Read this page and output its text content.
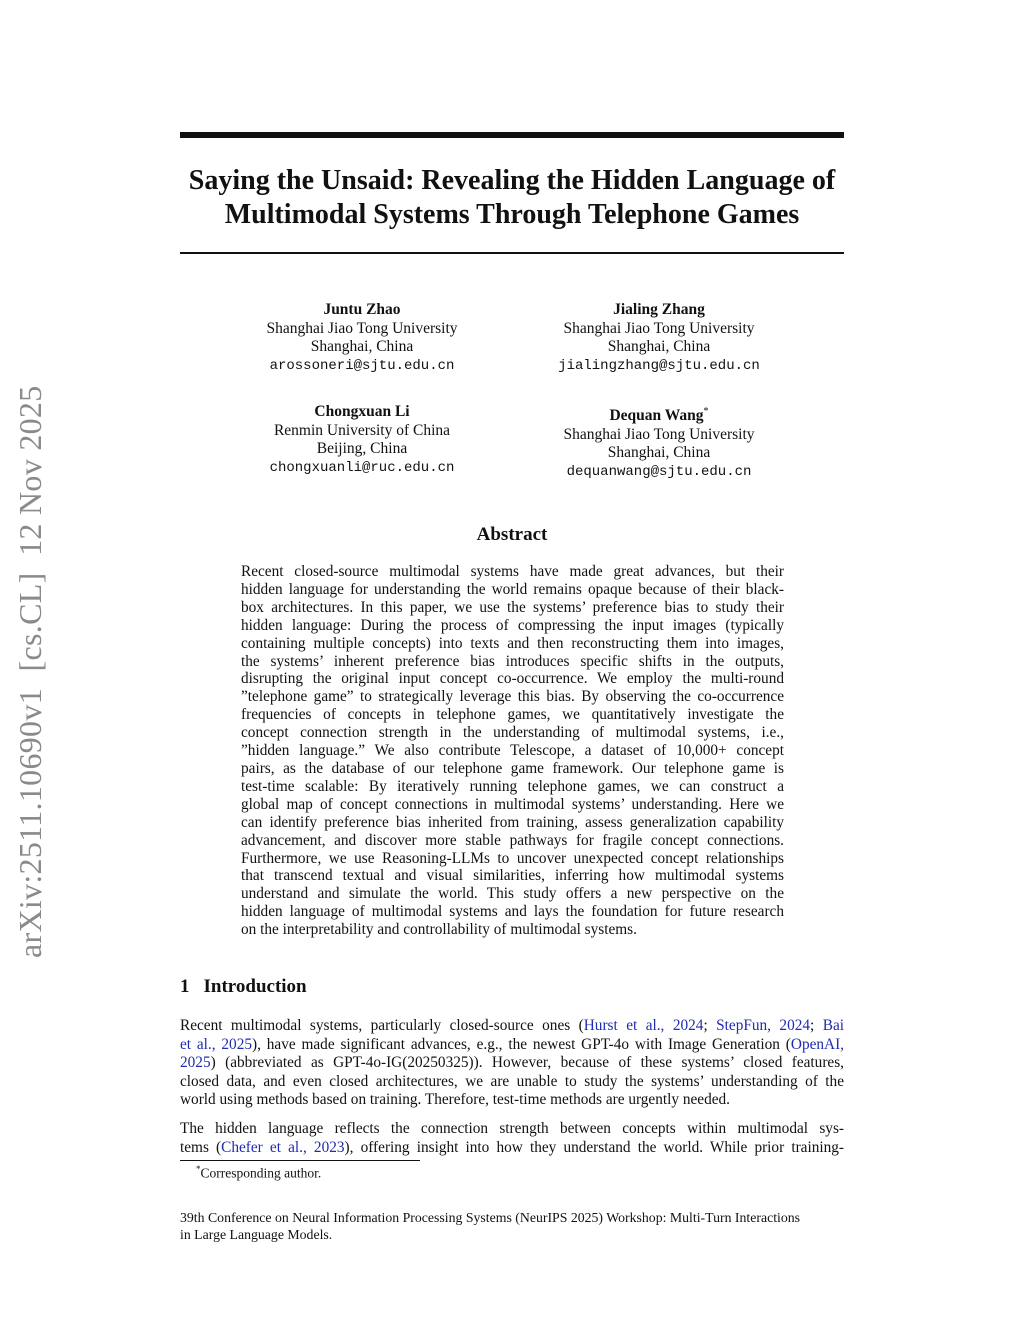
arXiv:2511.10690v1  [cs.CL]  12 Nov 2025
Saying the Unsaid: Revealing the Hidden Language of
Multimodal Systems Through Telephone Games
Juntu Zhao
Shanghai Jiao Tong University
Shanghai, China
arossoneri@sjtu.edu.cn
Jialing Zhang
Shanghai Jiao Tong University
Shanghai, China
jialingzhang@sjtu.edu.cn
Chongxuan Li
Renmin University of China
Beijing, China
chongxuanli@ruc.edu.cn
Dequan Wang*
Shanghai Jiao Tong University
Shanghai, China
dequanwang@sjtu.edu.cn
Abstract
Recent closed-source multimodal systems have made great advances, but their
hidden language for understanding the world remains opaque because of their black-
box architectures. In this paper, we use the systems’ preference bias to study their
hidden language: During the process of compressing the input images (typically
containing multiple concepts) into texts and then reconstructing them into images,
the systems’ inherent preference bias introduces specific shifts in the outputs,
disrupting the original input concept co-occurrence. We employ the multi-round
”telephone game” to strategically leverage this bias. By observing the co-occurrence
frequencies of concepts in telephone games, we quantitatively investigate the
concept connection strength in the understanding of multimodal systems, i.e.,
”hidden language.” We also contribute Telescope, a dataset of 10,000+ concept
pairs, as the database of our telephone game framework. Our telephone game is
test-time scalable: By iteratively running telephone games, we can construct a
global map of concept connections in multimodal systems’ understanding. Here we
can identify preference bias inherited from training, assess generalization capability
advancement, and discover more stable pathways for fragile concept connections.
Furthermore, we use Reasoning-LLMs to uncover unexpected concept relationships
that transcend textual and visual similarities, inferring how multimodal systems
understand and simulate the world. This study offers a new perspective on the
hidden language of multimodal systems and lays the foundation for future research
on the interpretability and controllability of multimodal systems.
1 Introduction
Recent multimodal systems, particularly closed-source ones (Hurst et al., 2024; StepFun, 2024; Bai
et al., 2025), have made significant advances, e.g., the newest GPT-4o with Image Generation (OpenAI,
2025) (abbreviated as GPT-4o-IG(20250325)). However, because of these systems’ closed features,
closed data, and even closed architectures, we are unable to study the systems’ understanding of the
world using methods based on training. Therefore, test-time methods are urgently needed.
The hidden language reflects the connection strength between concepts within multimodal sys-
tems (Chefer et al., 2023), offering insight into how they understand the world. While prior training-
*Corresponding author.
39th Conference on Neural Information Processing Systems (NeurIPS 2025) Workshop: Multi-Turn Interactions
in Large Language Models.
